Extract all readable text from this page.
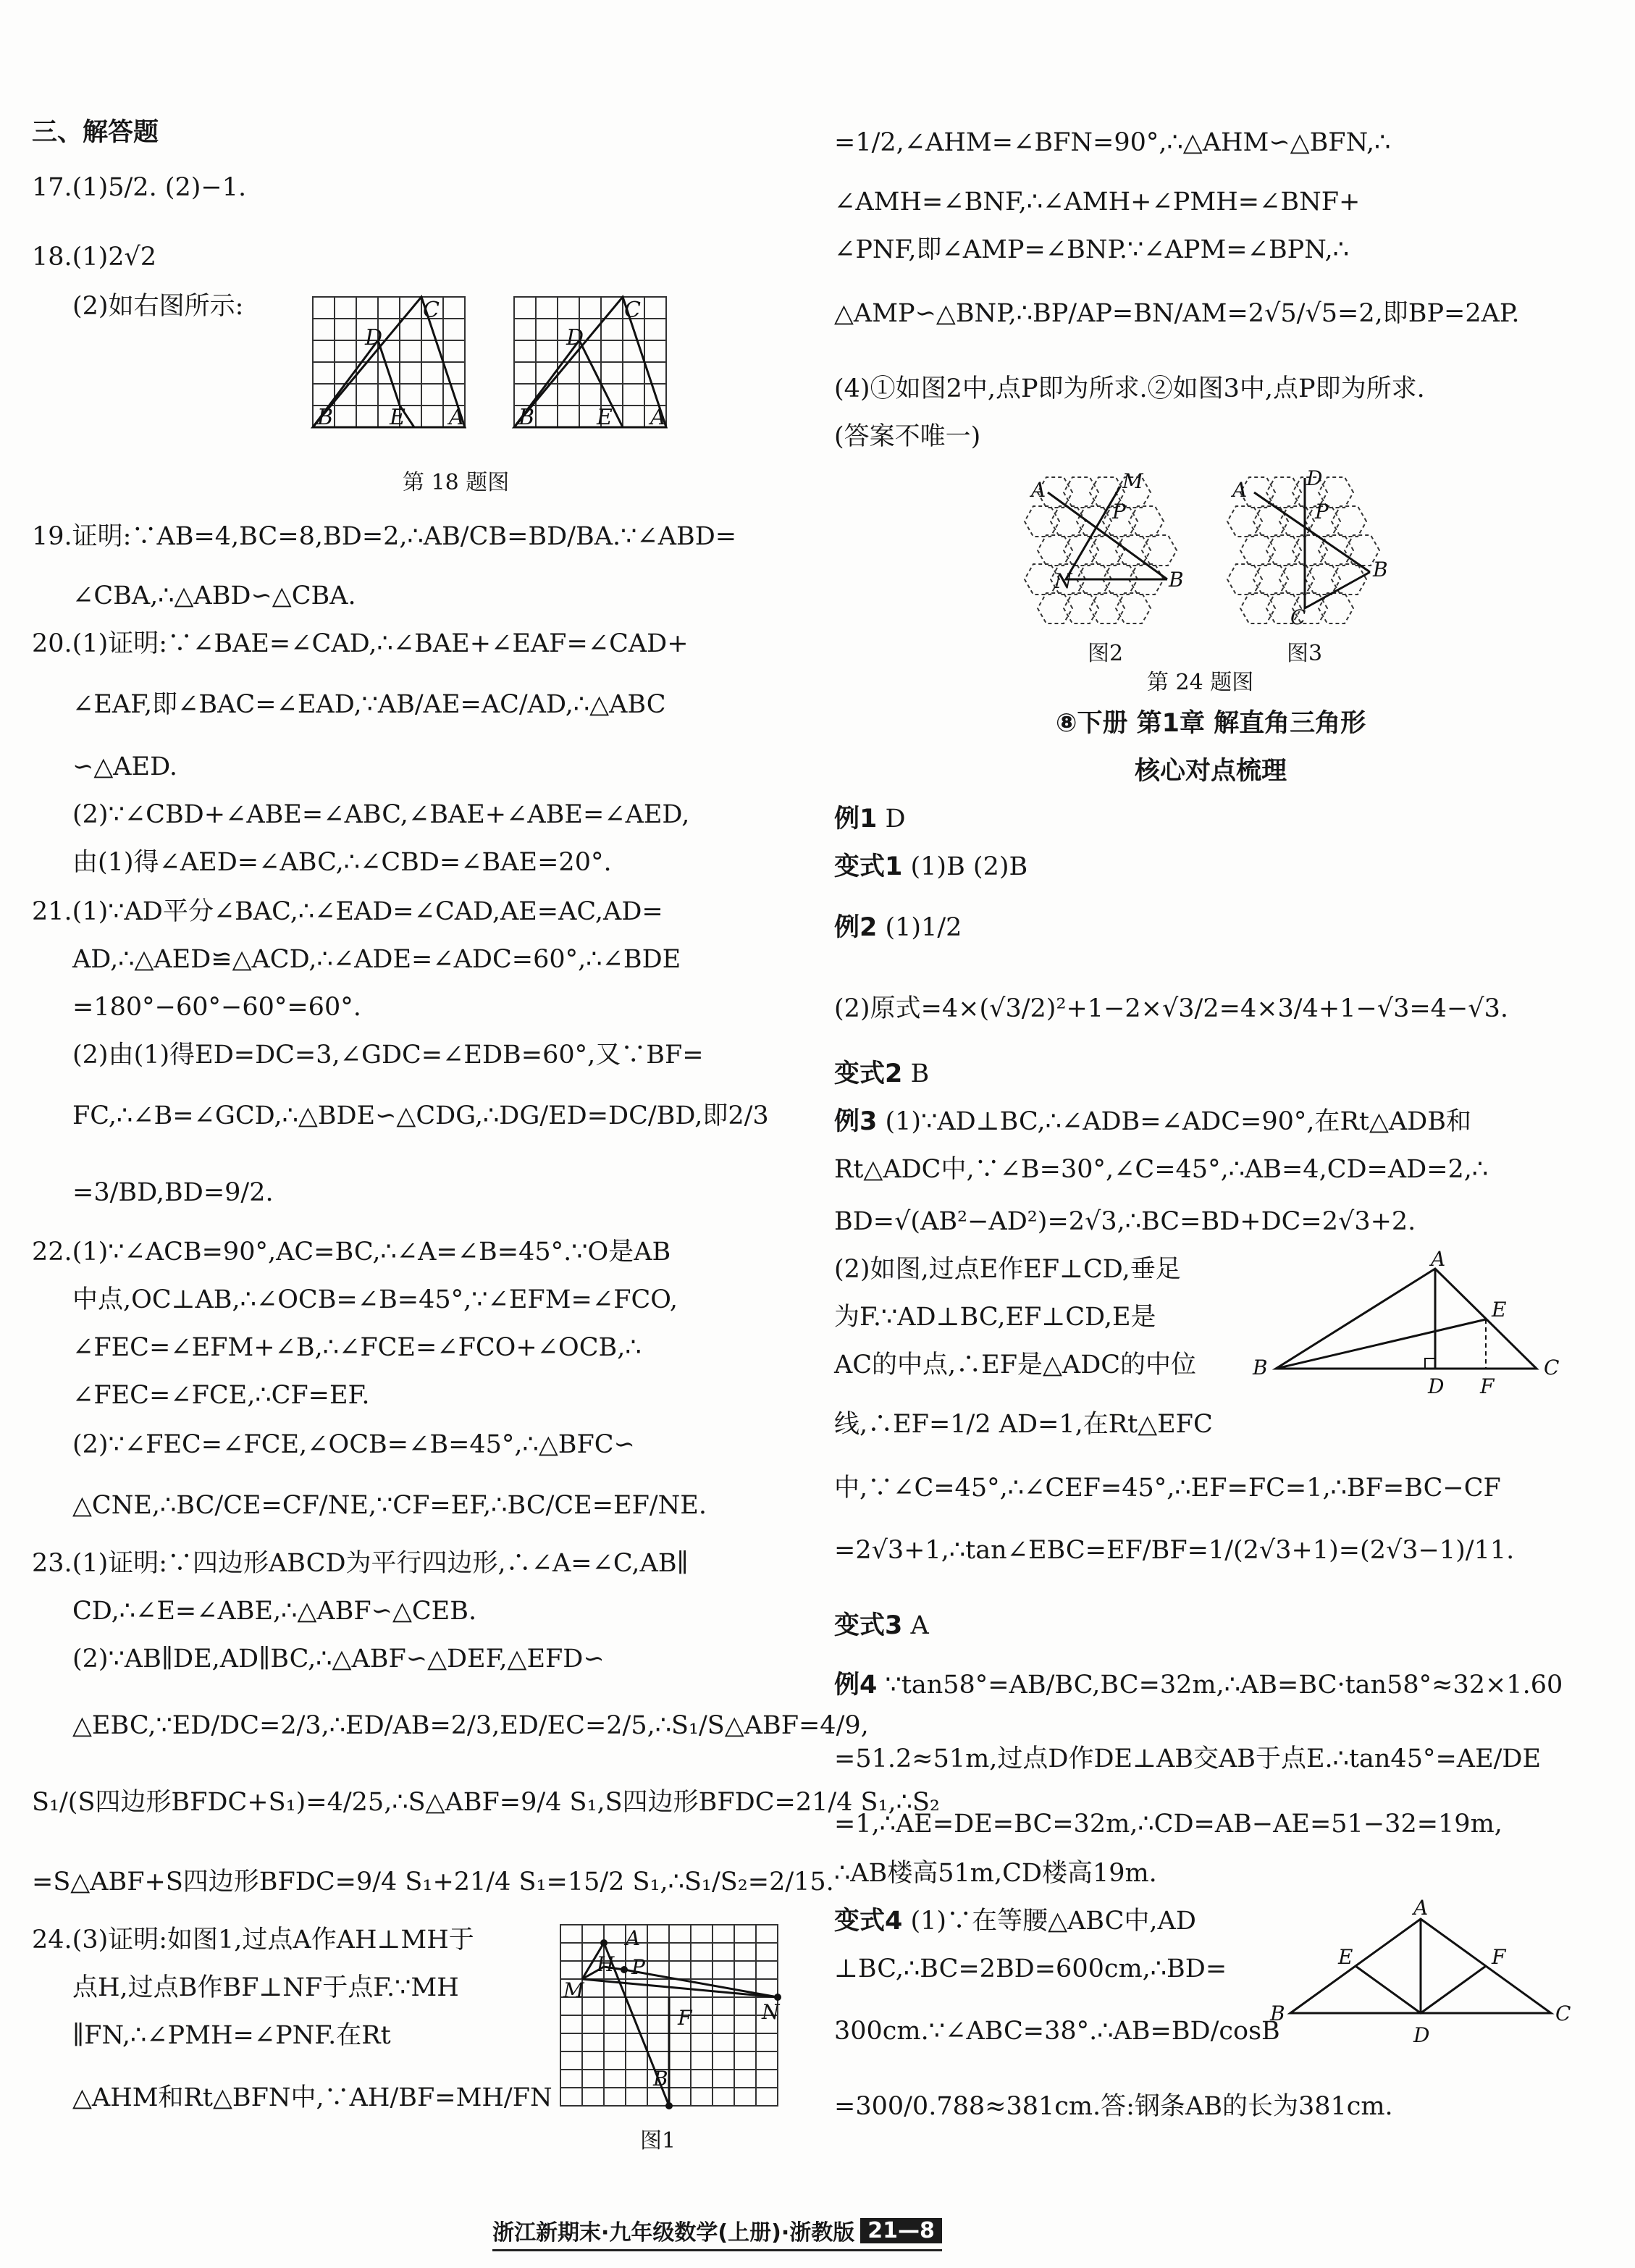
三、解答题
17.(1)5/2. (2)−1.
18.(1)2√2
(2)如右图所示:
B
C
D
E A B
C
D
E A
第 18 题图
19.证明:∵AB=4,BC=8,BD=2,∴AB/CB=BD/BA.∵∠ABD=
∠CBA,∴△ABD∽△CBA.
20.(1)证明:∵∠BAE=∠CAD,∴∠BAE+∠EAF=∠CAD+
∠EAF,即∠BAC=∠EAD,∵AB/AE=AC/AD,∴△ABC
∽△AED.
(2)∵∠CBD+∠ABE=∠ABC,∠BAE+∠ABE=∠AED,
由(1)得∠AED=∠ABC,∴∠CBD=∠BAE=20°.
21.(1)∵AD平分∠BAC,∴∠EAD=∠CAD,AE=AC,AD=
AD,∴△AED≌△ACD,∴∠ADE=∠ADC=60°,∴∠BDE
=180°−60°−60°=60°.
(2)由(1)得ED=DC=3,∠GDC=∠EDB=60°,又∵BF=
FC,∴∠B=∠GCD,∴△BDE∽△CDG,∴DG/ED=DC/BD,即2/3
=3/BD,BD=9/2.
22.(1)∵∠ACB=90°,AC=BC,∴∠A=∠B=45°.∵O是AB
中点,OC⊥AB,∴∠OCB=∠B=45°,∵∠EFM=∠FCO,
∠FEC=∠EFM+∠B,∴∠FCE=∠FCO+∠OCB,∴
∠FEC=∠FCE,∴CF=EF.
(2)∵∠FEC=∠FCE,∠OCB=∠B=45°,∴△BFC∽
△CNE,∴BC/CE=CF/NE,∵CF=EF,∴BC/CE=EF/NE.
23.(1)证明:∵四边形ABCD为平行四边形,∴∠A=∠C,AB∥
CD,∴∠E=∠ABE,∴△ABF∽△CEB.
(2)∵AB∥DE,AD∥BC,∴△ABF∽△DEF,△EFD∽
△EBC,∵ED/DC=2/3,∴ED/AB=2/3,ED/EC=2/5,∴S₁/S△ABF=4/9,
S₁/(S四边形BFDC+S₁)=4/25,∴S△ABF=9/4 S₁,S四边形BFDC=21/4 S₁,∴S₂
=S△ABF+S四边形BFDC=9/4 S₁+21/4 S₁=15/2 S₁,∴S₁/S₂=2/15.
24.(3)证明:如图1,过点A作AH⊥MH于
点H,过点B作BF⊥NF于点F.∵MH
∥FN,∴∠PMH=∠PNF.在Rt
△AHM和Rt△BFN中,∵AH/BF=MH/FN
A
H P
M
F	N
B
图1
=1/2,∠AHM=∠BFN=90°,∴△AHM∽△BFN,∴
∠AMH=∠BNF,∴∠AMH+∠PMH=∠BNF+
∠PNF,即∠AMP=∠BNP.∵∠APM=∠BPN,∴
△AMP∽△BNP,∴BP/AP=BN/AM=2√5/√5=2,即BP=2AP.
(4)①如图2中,点P即为所求.②如图3中,点P即为所求.
(答案不唯一)
A	M
P
N	B
A	D
P
B
C
图2	图3
第 24 题图
⑧下册 第1章 解直角三角形
核心对点梳理
例1 D
变式1 (1)B (2)B
例2 (1)1/2
(2)原式=4×(√3/2)²+1−2×√3/2=4×3/4+1−√3=4−√3.
变式2 B
例3 (1)∵AD⊥BC,∴∠ADB=∠ADC=90°,在Rt△ADB和
Rt△ADC中,∵∠B=30°,∠C=45°,∴AB=4,CD=AD=2,∴
BD=√(AB²−AD²)=2√3,∴BC=BD+DC=2√3+2.
(2)如图,过点E作EF⊥CD,垂足
为F.∵AD⊥BC,EF⊥CD,E是
AC的中点,∴EF是△ADC的中位
线,∴EF=1/2 AD=1,在Rt△EFC
A
B	C
D
E
F
中,∵∠C=45°,∴∠CEF=45°,∴EF=FC=1,∴BF=BC−CF
=2√3+1,∴tan∠EBC=EF/BF=1/(2√3+1)=(2√3−1)/11.
变式3 A
例4 ∵tan58°=AB/BC,BC=32m,∴AB=BC·tan58°≈32×1.60
=51.2≈51m,过点D作DE⊥AB交AB于点E.∴tan45°=AE/DE
=1,∴AE=DE=BC=32m,∴CD=AB−AE=51−32=19m,
∴AB楼高51m,CD楼高19m.
变式4 (1)∵在等腰△ABC中,AD
⊥BC,∴BC=2BD=600cm,∴BD=
300cm.∵∠ABC=38°.∴AB=BD/cosB
=300/0.788≈381cm.答:钢条AB的长为381cm.
A
B	C
D
E	F
浙江新期末·九年级数学(上册)·浙教版 21—8
